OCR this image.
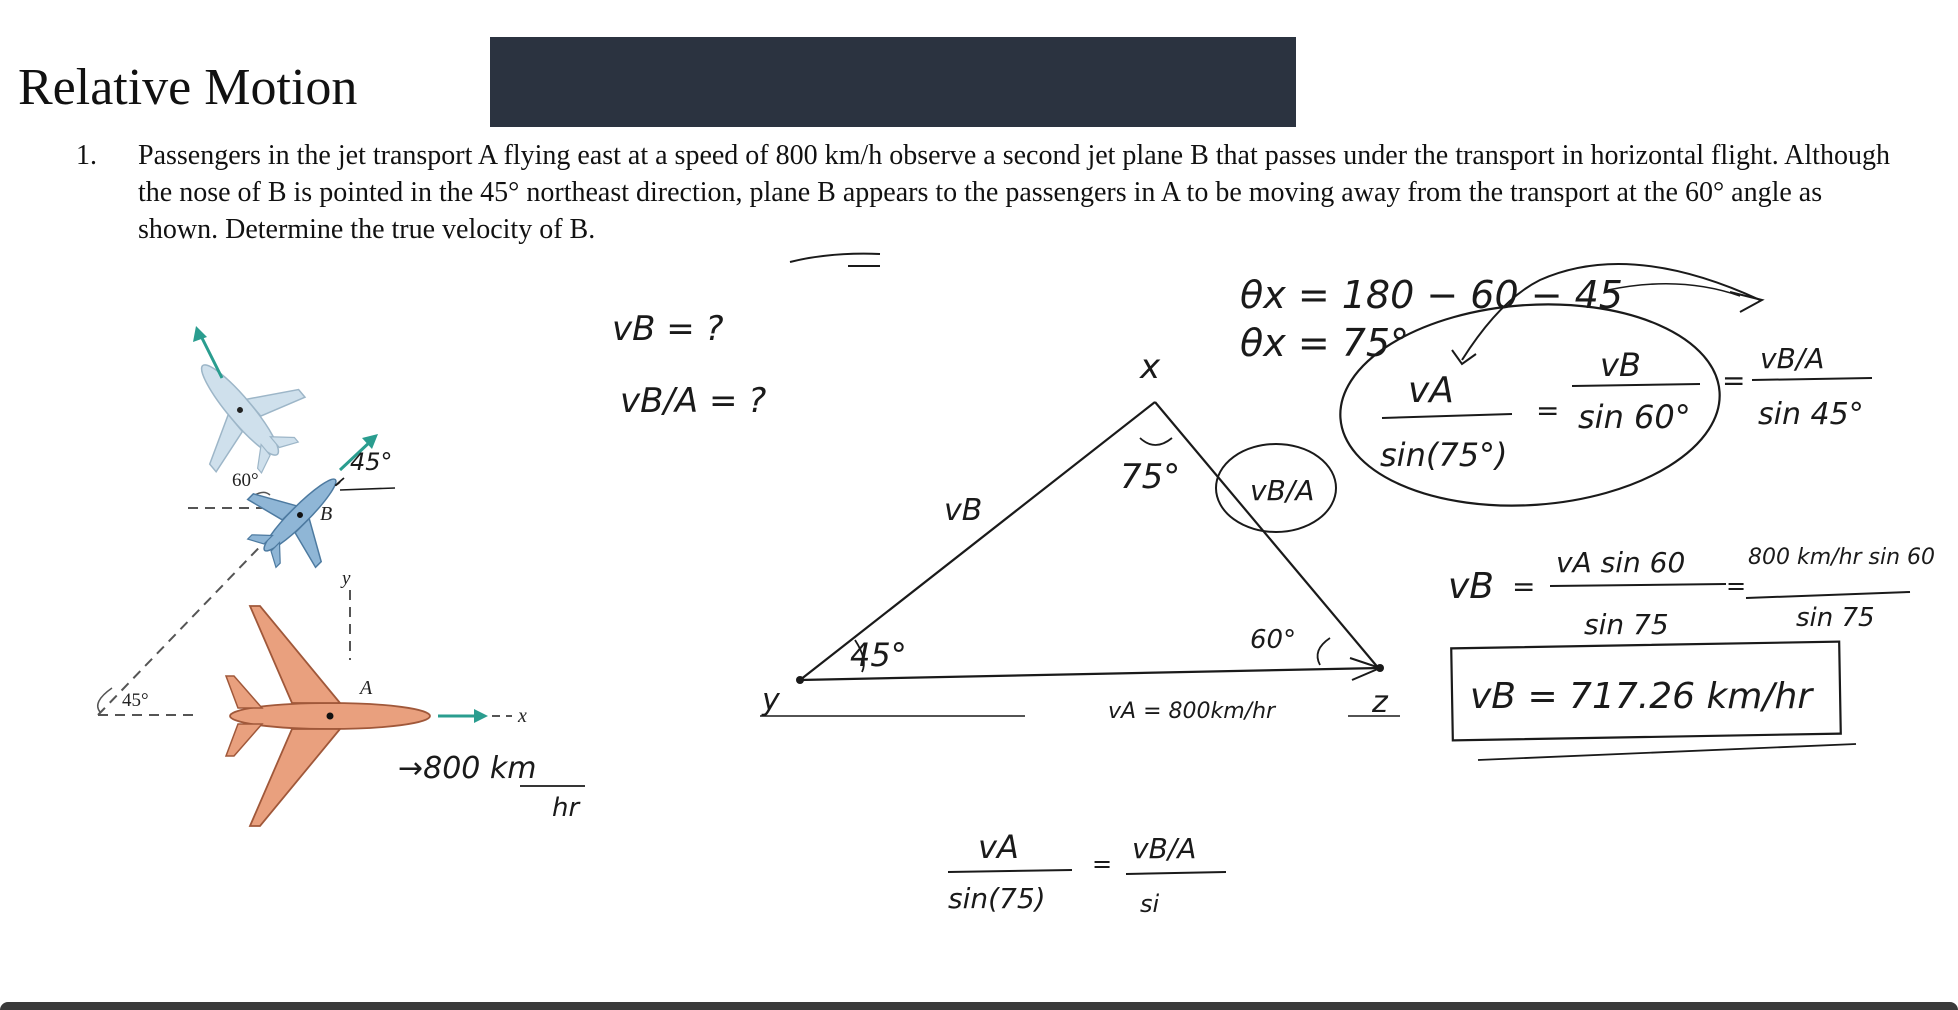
Relative Motion
1. Passengers in the jet transport A flying east at a speed of 800 km/h observe a second jet plane B that passes under the transport in horizontal flight. Although the nose of B is pointed in the 45° northeast direction, plane B appears to the passengers in A to be moving away from the transport at the 60° angle as shown. Determine the true velocity of B.

60°
B
y
A
45°
x
45°
→800 km
hr
vB = ?
vB/A = ?
θx = 180 − 60 − 45
θx = 75°
x
75°
vB
vB/A
45°	60°
y	z
vA = 800km/hr
vA
sin(75°)
=
vB
sin 60°
=
vB/A
sin 45°
vB =
vA sin 60
sin 75
=
800 km/hr sin 60
sin 75
vB = 717.26 km/hr
vA
sin(75)
= vB/A
si
